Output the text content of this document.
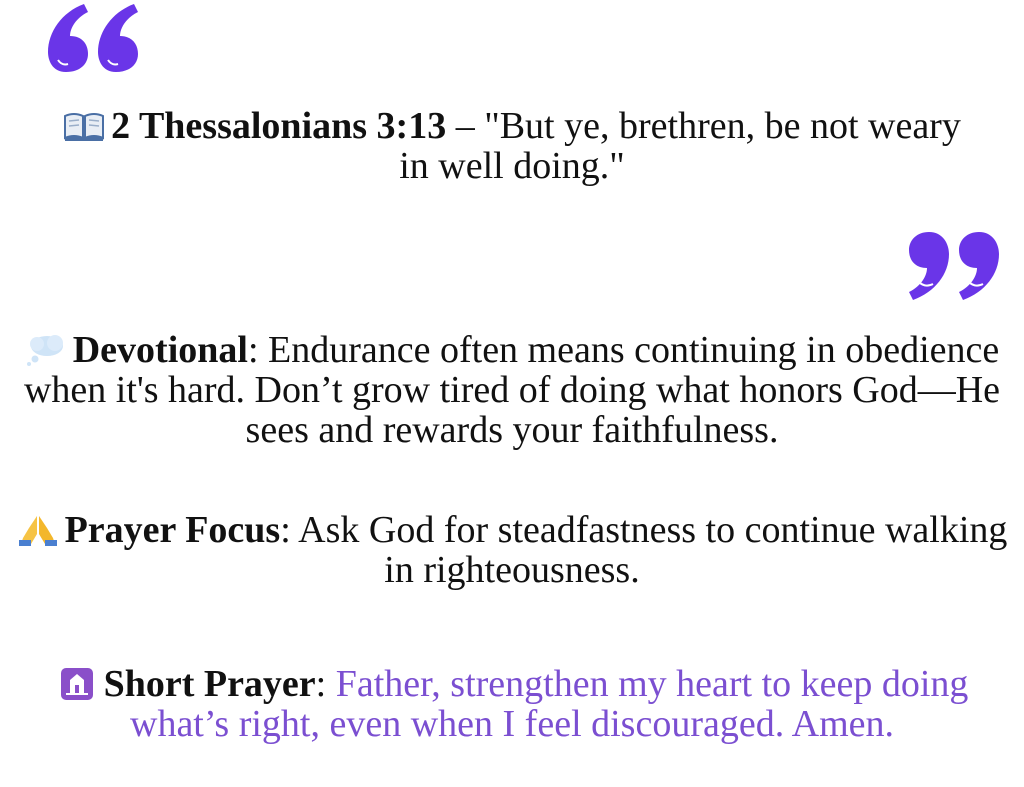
2 Thessalonians 3:13 – "But ye, brethren, be not weary in well doing."
Devotional: Endurance often means continuing in obedience when it's hard. Don’t grow tired of doing what honors God—He sees and rewards your faithfulness.
Prayer Focus: Ask God for steadfastness to continue walking in righteousness.
Short Prayer: Father, strengthen my heart to keep doing what’s right, even when I feel discouraged. Amen.
